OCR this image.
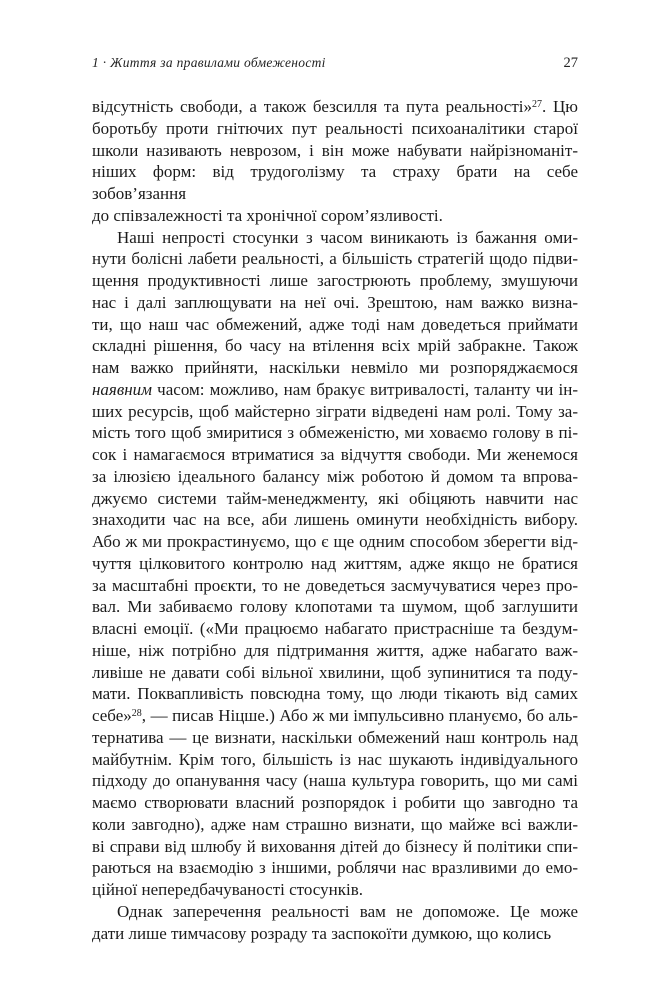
1 · Життя за правилами обмеженості	27
відсутність свободи, а також безсилля та пута реальності»$^{27}$. Цю
боротьбу проти гнітючих пут реальності психоаналітики старої
школи називають неврозом, і він може набувати найрізноманіт-
ніших форм: від трудоголізму та страху брати на себе зобов’язання
до співзалежності та хронічної сором’язливості.
Наші непрості стосунки з часом виникають із бажання оми-
нути болісні лабети реальності, а більшість стратегій щодо підви-
щення продуктивності лише загострюють проблему, змушуючи
нас і далі заплющувати на неї очі. Зрештою, нам важко визна-
ти, що наш час обмежений, адже тоді нам доведеться приймати
складні рішення, бо часу на втілення всіх мрій забракне. Також
нам важко прийняти, наскільки невміло ми розпоряджаємося
наявним часом: можливо, нам бракує витривалості, таланту чи ін-
ших ресурсів, щоб майстерно зіграти відведені нам ролі. Тому за-
мість того щоб змиритися з обмеженістю, ми ховаємо голову в пі-
сок і намагаємося втриматися за відчуття свободи. Ми женемося
за ілюзією ідеального балансу між роботою й домом та впрова-
джуємо системи тайм-менеджменту, які обіцяють навчити нас
знаходити час на все, аби лишень оминути необхідність вибору.
Або ж ми прокрастинуємо, що є ще одним способом зберегти від-
чуття цілковитого контролю над життям, адже якщо не братися
за масштабні проєкти, то не доведеться засмучуватися через про-
вал. Ми забиваємо голову клопотами та шумом, щоб заглушити
власні емоції. («Ми працюємо набагато пристрасніше та бездум-
ніше, ніж потрібно для підтримання життя, адже набагато важ-
ливіше не давати собі вільної хвилини, щоб зупинитися та поду-
мати. Поквапливість повсюдна тому, що люди тікають від самих
себе»$^{28}$, — писав Ніцше.) Або ж ми імпульсивно плануємо, бо аль-
тернатива — це визнати, наскільки обмежений наш контроль над
майбутнім. Крім того, більшість із нас шукають індивідуального
підходу до опанування часу (наша культура говорить, що ми самі
маємо створювати власний розпорядок і робити що завгодно та
коли завгодно), адже нам страшно визнати, що майже всі важли-
ві справи від шлюбу й виховання дітей до бізнесу й політики спи-
раються на взаємодію з іншими, роблячи нас вразливими до емо-
ційної непередбачуваності стосунків.
Однак заперечення реальності вам не допоможе. Це може
дати лише тимчасову розраду та заспокоїти думкою, що колись
